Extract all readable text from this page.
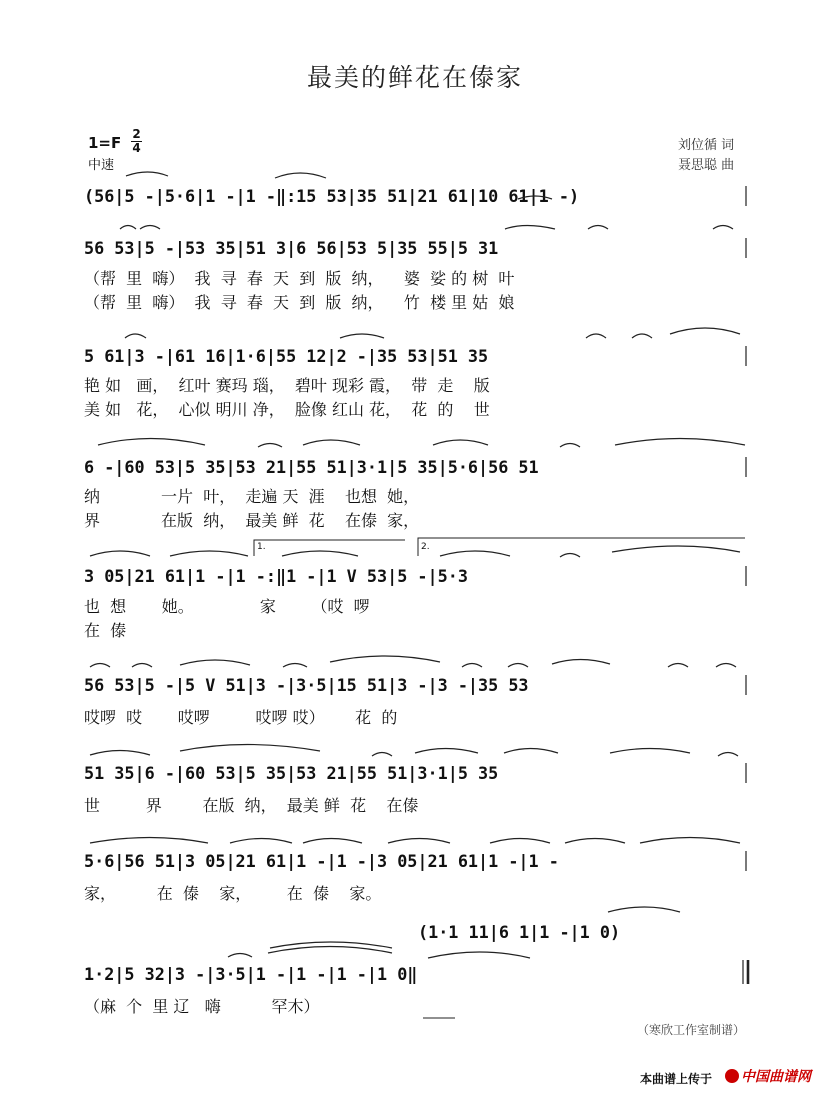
最美的鲜花在傣家
1=F 2
4
中速
刘位循 词
聂思聪 曲
(56|5 -|5·6|1 -|1 -‖:15 53|35 51|21 61|10 61|1 -)
56 53|5 -|53 35|51 3|6 56|53 5|35 55|5 31
（帮  里  嗨）  我  寻  春  天  到  版  纳，    婆  娑 的 树  叶
（帮  里  嗨）  我  寻  春  天  到  版  纳，    竹  楼 里 姑  娘
5 61|3 -|61 16|1·6|55 12|2 -|35 53|51 35
艳 如   画，  红叶 赛玛 瑙，  碧叶 现彩 霞，  带  走    版
美 如   花，  心似 明川 净，  脸像 红山 花，  花  的    世
6 -|60 53|5 35|53 21|55 51|3·1|5 35|5·6|56 51
纳            一片  叶，  走遍 天  涯    也想  她，
界            在版  纳，  最美 鲜  花    在傣  家，
3 05|21 61|1 -|1 -:‖1 -|1 V 53|5 -|5·3
也  想       她。             家       （哎  啰
在  傣
56 53|5 -|5 V 51|3 -|3·5|15 51|3 -|3 -|35 53
哎啰  哎       哎啰         哎啰 哎）      花  的
51 35|6 -|60 53|5 35|53 21|55 51|3·1|5 35
世         界        在版  纳，  最美 鲜  花    在傣
5·6|56 51|3 05|21 61|1 -|1 -|3 05|21 61|1 -|1 -
家，        在  傣    家，       在  傣    家。
(1·1 11|6 1|1 -|1 0)
1·2|5 32|3 -|3·5|1 -|1 -|1 -|1 0‖
（麻  个  里 辽   嗨          罕木）
1.	2.
（寒欣工作室制谱）
本曲谱上传于	中国曲谱网
